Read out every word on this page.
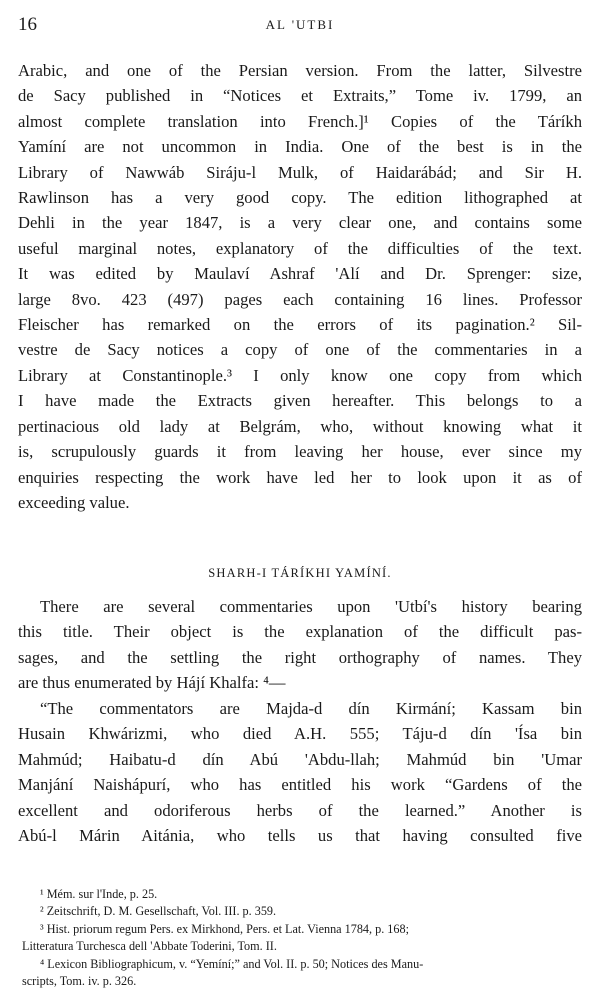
16	AL 'UTBI
Arabic, and one of the Persian version. From the latter, Silvestre
de Sacy published in “Notices et Extraits,” Tome iv. 1799, an
almost complete translation into French.]¹ Copies of the Táríkh
Yamíní are not uncommon in India. One of the best is in the
Library of Nawwáb Siráju-l Mulk, of Haidarábád; and Sir H.
Rawlinson has a very good copy. The edition lithographed at
Dehli in the year 1847, is a very clear one, and contains some
useful marginal notes, explanatory of the difficulties of the text.
It was edited by Maulaví Ashraf 'Alí and Dr. Sprenger: size,
large 8vo. 423 (497) pages each containing 16 lines. Professor
Fleischer has remarked on the errors of its pagination.² Sil-
vestre de Sacy notices a copy of one of the commentaries in a
Library at Constantinople.³ I only know one copy from which
I have made the Extracts given hereafter. This belongs to a
pertinacious old lady at Belgrám, who, without knowing what it
is, scrupulously guards it from leaving her house, ever since my
enquiries respecting the work have led her to look upon it as of
exceeding value.
SHARH-I TÁRÍKHI YAMÍNÍ.
There are several commentaries upon 'Utbí's history bearing
this title. Their object is the explanation of the difficult pas-
sages, and the settling the right orthography of names. They
are thus enumerated by Hájí Khalfa: ⁴—
“The commentators are Majda-d dín Kirmání; Kassam bin
Husain Khwárizmi, who died A.H. 555; Táju-d dín 'Ísa bin
Mahmúd; Haibatu-d dín Abú 'Abdu-llah; Mahmúd bin 'Umar
Manjání Naishápurí, who has entitled his work “Gardens of the
excellent and odoriferous herbs of the learned.” Another is
Abú-l Márin Aitánia, who tells us that having consulted five
¹ Mém. sur l'Inde, p. 25.
² Zeitschrift, D. M. Gesellschaft, Vol. III. p. 359.
³ Hist. priorum regum Pers. ex Mirkhond, Pers. et Lat. Vienna 1784, p. 168;
Litteratura Turchesca dell 'Abbate Toderini, Tom. II.
⁴ Lexicon Bibliographicum, v. “Yemíní;” and Vol. II. p. 50; Notices des Manu-
scripts, Tom. iv. p. 326.
